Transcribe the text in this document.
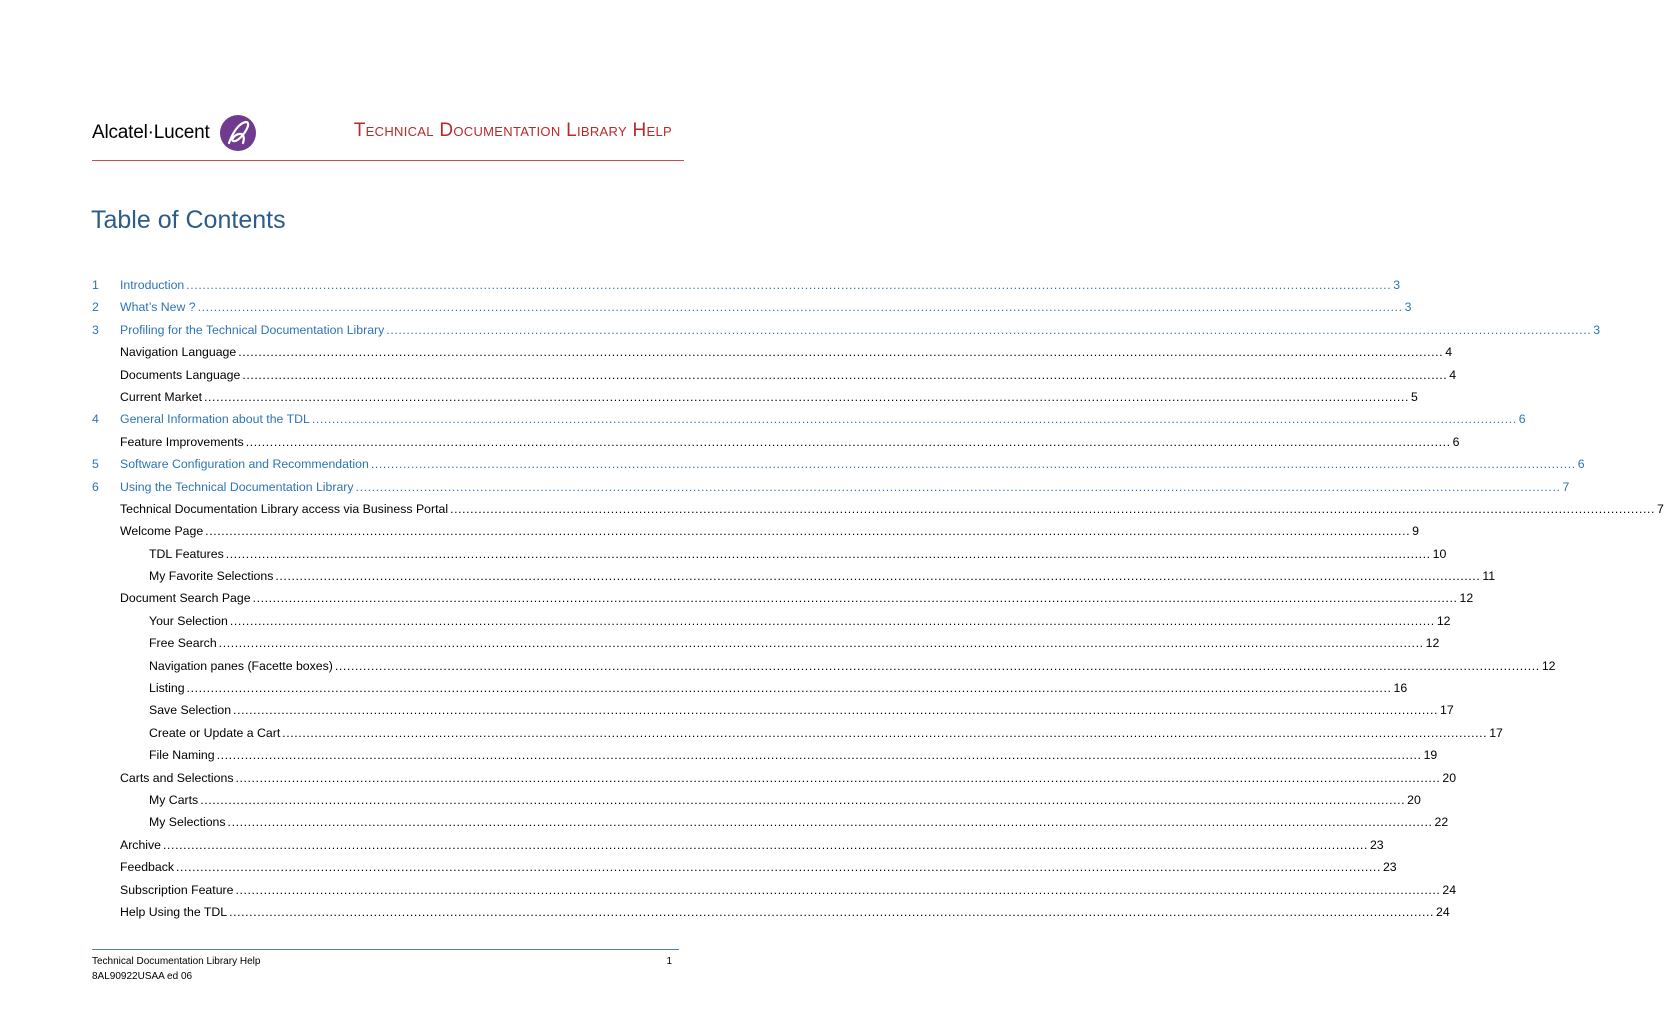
Alcatel·Lucent	Technical Documentation Library Help
Table of Contents
1	Introduction ............................................................................................................................................................................................................................................................................................................ 3
2	What’s New ? ............................................................................................................................................................................................................................................................................................................ 3
3	Profiling for the Technical Documentation Library ............................................................................................................................................................................................................................................................................................................ 3
Navigation Language ............................................................................................................................................................................................................................................................................................................ 4
Documents Language ............................................................................................................................................................................................................................................................................................................ 4
Current Market ............................................................................................................................................................................................................................................................................................................ 5
4	General Information about the TDL ............................................................................................................................................................................................................................................................................................................ 6
Feature Improvements ............................................................................................................................................................................................................................................................................................................ 6
5	Software Configuration and Recommendation ............................................................................................................................................................................................................................................................................................................ 6
6	Using the Technical Documentation Library ............................................................................................................................................................................................................................................................................................................ 7
Technical Documentation Library access via Business Portal ............................................................................................................................................................................................................................................................................................................ 7
Welcome Page ............................................................................................................................................................................................................................................................................................................ 9
TDL Features ............................................................................................................................................................................................................................................................................................................ 10
My Favorite Selections ............................................................................................................................................................................................................................................................................................................ 11
Document Search Page ............................................................................................................................................................................................................................................................................................................ 12
Your Selection ............................................................................................................................................................................................................................................................................................................ 12
Free Search ............................................................................................................................................................................................................................................................................................................ 12
Navigation panes (Facette boxes) ............................................................................................................................................................................................................................................................................................................ 12
Listing ............................................................................................................................................................................................................................................................................................................ 16
Save Selection ............................................................................................................................................................................................................................................................................................................ 17
Create or Update a Cart ............................................................................................................................................................................................................................................................................................................ 17
File Naming ............................................................................................................................................................................................................................................................................................................ 19
Carts and Selections ............................................................................................................................................................................................................................................................................................................ 20
My Carts ............................................................................................................................................................................................................................................................................................................ 20
My Selections ............................................................................................................................................................................................................................................................................................................ 22
Archive ............................................................................................................................................................................................................................................................................................................ 23
Feedback ............................................................................................................................................................................................................................................................................................................ 23
Subscription Feature ............................................................................................................................................................................................................................................................................................................ 24
Help Using the TDL ............................................................................................................................................................................................................................................................................................................ 24
Technical Documentation Library Help
8AL90922USAA ed 06
1
